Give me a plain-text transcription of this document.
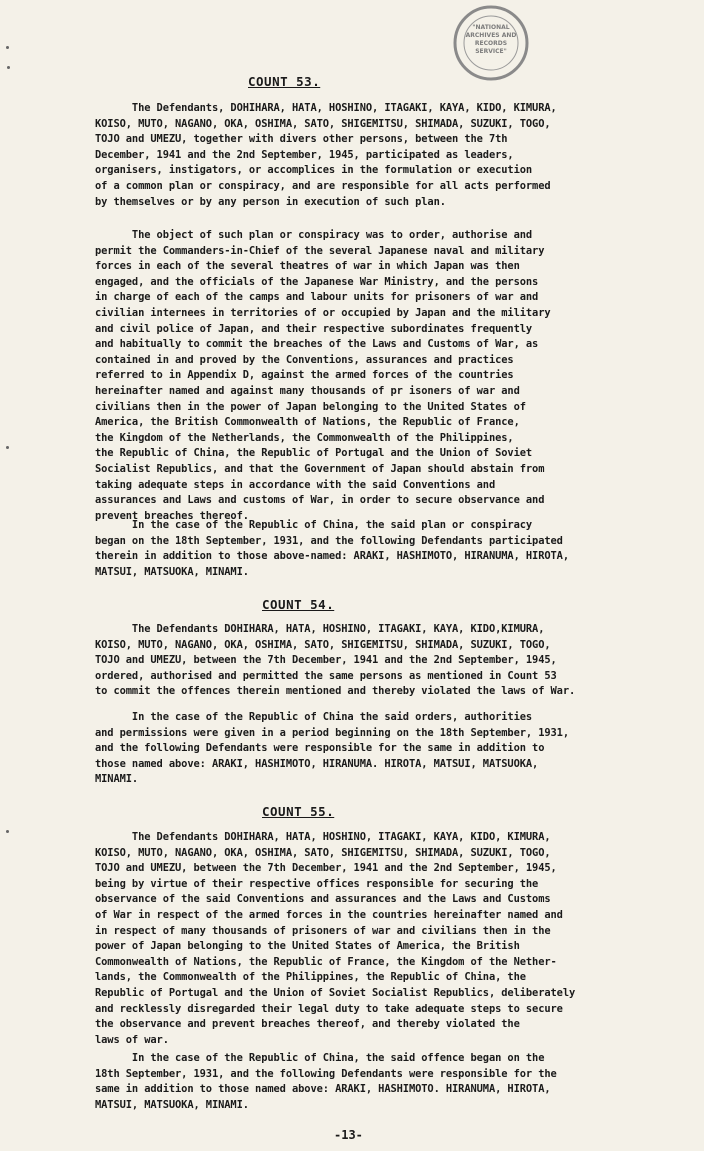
"NATIONAL
ARCHIVES AND
RECORDS
SERVICE"
COUNT 53.

The Defendants, DOHIHARA, HATA, HOSHINO, ITAGAKI, KAYA, KIDO, KIMURA,
KOISO, MUTO, NAGANO, OKA, OSHIMA, SATO, SHIGEMITSU, SHIMADA, SUZUKI, TOGO,
TOJO and UMEZU, together with divers other persons, between the 7th
December, 1941 and the 2nd September, 1945, participated as leaders,
organisers, instigators, or accomplices in the formulation or execution
of a common plan or conspiracy, and are responsible for all acts performed
by themselves or by any person in execution of such plan.

The object of such plan or conspiracy was to order, authorise and
permit the Commanders-in-Chief of the several Japanese naval and military
forces in each of the several theatres of war in which Japan was then
engaged, and the officials of the Japanese War Ministry, and the persons
in charge of each of the camps and labour units for prisoners of war and
civilian internees in territories of or occupied by Japan and the military
and civil police of Japan, and their respective subordinates frequently
and habitually to commit the breaches of the Laws and Customs of War, as
contained in and proved by the Conventions, assurances and practices
referred to in Appendix D, against the armed forces of the countries
hereinafter named and against many thousands of pr isoners of war and
civilians then in the power of Japan belonging to the United States of
America, the British Commonwealth of Nations, the Republic of France,
the Kingdom of the Netherlands, the Commonwealth of the Philippines,
the Republic of China, the Republic of Portugal and the Union of Soviet
Socialist Republics, and that the Government of Japan should abstain from
taking adequate steps in accordance with the said Conventions and
assurances and Laws and customs of War, in order to secure observance and
prevent breaches thereof.

In the case of the Republic of China, the said plan or conspiracy
began on the 18th September, 1931, and the following Defendants participated
therein in addition to those above-named: ARAKI, HASHIMOTO, HIRANUMA, HIROTA,
MATSUI, MATSUOKA, MINAMI.

COUNT 54.

The Defendants DOHIHARA, HATA, HOSHINO, ITAGAKI, KAYA, KIDO,KIMURA,
KOISO, MUTO, NAGANO, OKA, OSHIMA, SATO, SHIGEMITSU, SHIMADA, SUZUKI, TOGO,
TOJO and UMEZU, between the 7th December, 1941 and the 2nd September, 1945,
ordered, authorised and permitted the same persons as mentioned in Count 53
to commit the offences therein mentioned and thereby violated the laws of War.

In the case of the Republic of China the said orders, authorities
and permissions were given in a period beginning on the 18th September, 1931,
and the following Defendants were responsible for the same in addition to
those named above: ARAKI, HASHIMOTO, HIRANUMA. HIROTA, MATSUI, MATSUOKA,
MINAMI.

COUNT 55.

The Defendants DOHIHARA, HATA, HOSHINO, ITAGAKI, KAYA, KIDO, KIMURA,
KOISO, MUTO, NAGANO, OKA, OSHIMA, SATO, SHIGEMITSU, SHIMADA, SUZUKI, TOGO,
TOJO and UMEZU, between the 7th December, 1941 and the 2nd September, 1945,
being by virtue of their respective offices responsible for securing the
observance of the said Conventions and assurances and the Laws and Customs
of War in respect of the armed forces in the countries hereinafter named and
in respect of many thousands of prisoners of war and civilians then in the
power of Japan belonging to the United States of America, the British
Commonwealth of Nations, the Republic of France, the Kingdom of the Nether-
lands, the Commonwealth of the Philippines, the Republic of China, the
Republic of Portugal and the Union of Soviet Socialist Republics, deliberately
and recklessly disregarded their legal duty to take adequate steps to secure
the observance and prevent breaches thereof, and thereby violated the
laws of war.

In the case of the Republic of China, the said offence began on the
18th September, 1931, and the following Defendants were responsible for the
same in addition to those named above: ARAKI, HASHIMOTO. HIRANUMA, HIROTA,
MATSUI, MATSUOKA, MINAMI.

-13-
